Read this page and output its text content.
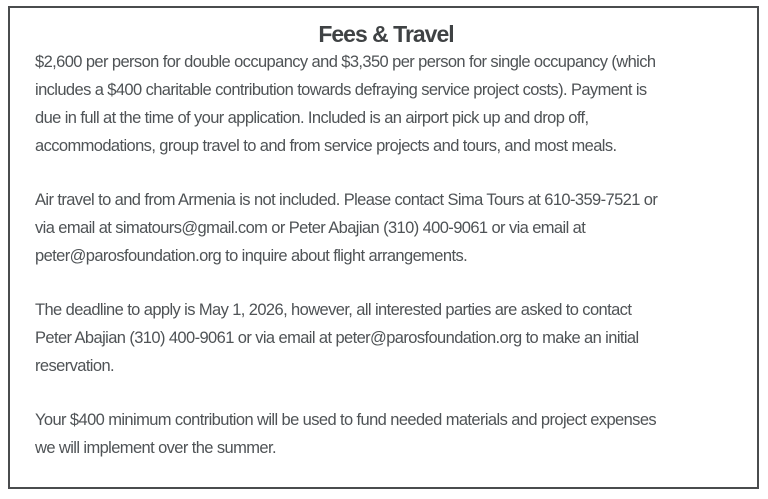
Fees & Travel

$2,600 per person for double occupancy and $3,350 per person for single occupancy (which
includes a $400 charitable contribution towards defraying service project costs). Payment is
due in full at the time of your application. Included is an airport pick up and drop off,
accommodations, group travel to and from service projects and tours, and most meals.

Air travel to and from Armenia is not included. Please contact Sima Tours at 610-359-7521 or
via email at simatours@gmail.com or Peter Abajian (310) 400-9061 or via email at
peter@parosfoundation.org to inquire about flight arrangements.

The deadline to apply is May 1, 2026, however, all interested parties are asked to contact
Peter Abajian (310) 400-9061 or via email at peter@parosfoundation.org to make an initial
reservation.

Your $400 minimum contribution will be used to fund needed materials and project expenses
we will implement over the summer.
